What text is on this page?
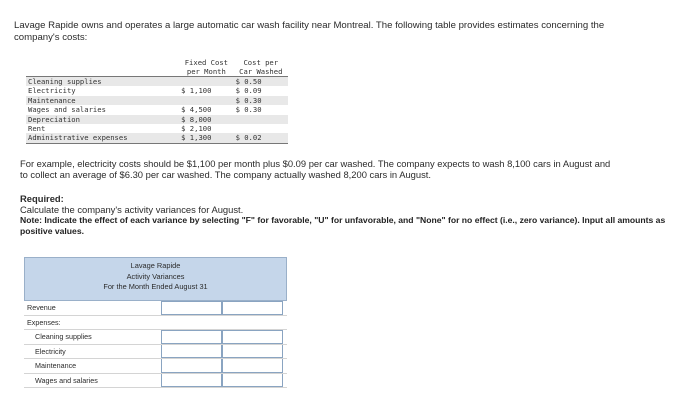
Lavage Rapide owns and operates a large automatic car wash facility near Montreal. The following table provides estimates concerning the company's costs:

	Fixed Cost	Cost per
	per Month	Car Washed
Cleaning supplies		$ 0.50
Electricity	$ 1,100	$ 0.09
Maintenance		$ 0.30
Wages and salaries	$ 4,500	$ 0.30
Depreciation	$ 8,000	
Rent	$ 2,100	
Administrative expenses	$ 1,300	$ 0.02

For example, electricity costs should be $1,100 per month plus $0.09 per car washed. The company expects to wash 8,100 cars in August and to collect an average of $6.30 per car washed. The company actually washed 8,200 cars in August.

Required:
Calculate the company's activity variances for August.
Note: Indicate the effect of each variance by selecting "F" for favorable, "U" for unfavorable, and "None" for no effect (i.e., zero variance). Input all amounts as positive values.
Lavage Rapide
Activity Variances
For the Month Ended August 31
Revenue
Expenses:
Cleaning supplies
Electricity
Maintenance
Wages and salaries
